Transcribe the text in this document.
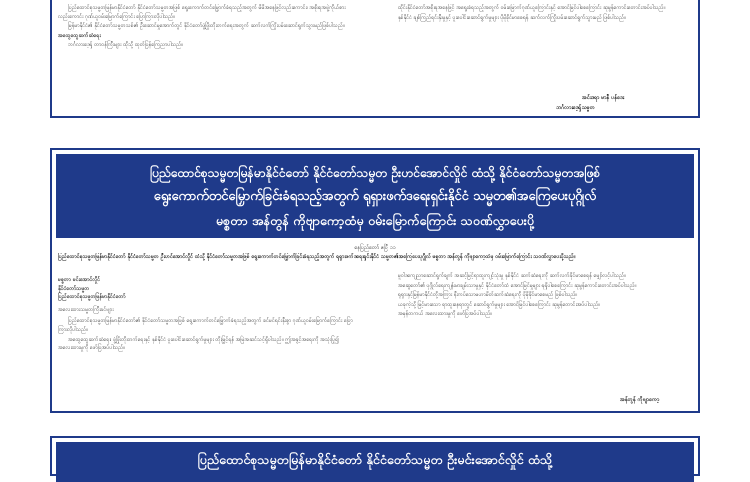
ပြည်ထောင်စုသမ္မတမြန်မာနိုင်ငံတော် နိုင်ငံတော်သမ္မတအဖြစ် ရွေးကောက်တင်မြှောက်ခံရသည့်အတွက် မိမိအနေဖြင့်လည်းကောင်း၊ အစိုးရအဖွဲ့ကိုယ်စားလည်းကောင်း ဂုဏ်ယူဝမ်းမြောက်ကြောင်း ပြောကြားလိုပါသည်။

မြန်မာနိုင်ငံ၏ နိုင်ငံတော်သမ္မတသစ်၏ ဦးဆောင်မှုအောက်တွင် နိုင်ငံတော်ဖွံ့ဖြိုးတိုးတက်ရေးအတွက် ဆက်လက်ကြိုးပမ်းဆောင်ရွက်သွားမည်ဖြစ်ပါသည်။

အထွေထွေဆက်ဆံရေး

ဘင်္ဂလားဒေ့ရှ် တာဝန်ကြီးများ ထိုသို့ ထုတ်ပြန်ကြေညာပါသည်။

ထိုင်းနိုင်ငံတော်အစိုးရအနေဖြင့် အရွေးခံရသည့်အတွက် ဝမ်းမြောက်ဂုဏ်ယူကြောင်းနှင့် အောင်မြင်ပါစေကြောင်း ဆုမွန်ကောင်းတောင်းအပ်ပါသည်။

နှစ်နိုင်ငံ ချစ်ကြည်ရင်းနှီးမှုနှင့် ပူးပေါင်းဆောင်ရွက်မှုများ ပိုမိုခိုင်မာစေရန် ဆက်လက်ကြိုးပမ်းဆောင်ရွက်သွားမည် ဖြစ်ပါသည်။

အင်းဒရာ မာနီ ပန်ဒေး
ဘင်္ဂလားဒေ့ရှ်သမ္မတ
ပြည်ထောင်စုသမ္မတမြန်မာနိုင်ငံတော် နိုင်ငံတော်သမ္မတ ဦးဟင်အောင်လှိုင် ထံသို့ နိုင်ငံတော်သမ္မတအဖြစ်
ရွေးကောက်တင်မြှောက်ခြင်းခံရသည့်အတွက် ရုရှားဖက်ဒရေးရှင်းနိုင်ငံ သမ္မတ၏အကြေပေးပုဂ္ဂိုလ်
မစ္စတာ အန်တွန် ကိုဗျာကော့ထံမှ ဝမ်းမြောက်ကြောင်း သဝဏ်လွှာပေးပို့
နေပြည်တော် ဧပြီ ၁၁
ပြည်ထောင်စုသမ္မတမြန်မာနိုင်ငံတော် နိုင်ငံတော်သမ္မတ ဦးဟင်အောင်လှိုင် ထံသို့ နိုင်ငံတော်သမ္မတအဖြစ် ရွေးကောက်တင်မြှောက်ခြင်းခံရသည့်အတွက် ရုရှားဖက်ဒရေးရှင်းနိုင်ငံ သမ္မတ၏အကြေပေးပုဂ္ဂိုလ် မစ္စတာ အန်တွန် ကိုဗျာကော့ထံမှ ဝမ်းမြောက်ကြောင်း သဝဏ်လွှာပေးပို့သည်။
မစ္စတာ မင်းအောင်လှိုင်
နိုင်ငံတော်သမ္မတ
ပြည်ထောင်စုသမ္မတမြန်မာနိုင်ငံတော်
အလေးထားသမ္မတကြီးခင်ဗျား

ပြည်ထောင်စုသမ္မတမြန်မာနိုင်ငံတော်၏ နိုင်ငံတော်သမ္မတအဖြစ် ရွေးကောက်တင်မြှောက်ခံရသည့်အတွက် ခင်မင်ရင်းနှီးစွာ ဂုဏ်ယူဝမ်းမြောက်ကြောင်း ပြောကြားလိုပါသည်။

အထွေထွေဆက်ဆံရေး၊ ဖွံ့ဖြိုးတိုးတက်ရေးနှင့် နှစ်နိုင်ငံ ပူးပေါင်းဆောင်ရွက်မှုများ တိုးမြှင့်ရန် အမြဲအဆင်သင့်ရှိပါသည်။ ဤအခွင့်အရေးကို အသုံးပြု၍ အလေးထားမှုကို ဖော်ပြအပ်ပါသည်။

မူဝါဒကျေညာဆောင်ရွက်ချက် အဆင့်မြင့်ရာထူးကျင့်သုံးမှု နှစ်နိုင်ငံ ဆက်ဆံရေးကို ဆက်လက်ခိုင်မာစေရန် မျှော်လင့်ပါသည်။

အဆွေတော်၏ ပုဂ္ဂိုလ်ရေးကျန်းမာချမ်းသာမှုနှင့် နိုင်ငံတော်ထံ အောင်မြင်မှုများ ရရှိပါစေကြောင်း ဆုမွန်ကောင်းတောင်းအပ်ပါသည်။

ရုရှားနှင့်မြန်မာနိုင်ငံတို့အကြား နီးကပ်သောမဟာမိတ်ဆက်ဆံရေးကို ပိုမိုခိုင်မာစေမည် ဖြစ်ပါသည်။

ယခုကဲ့သို့ မြင့်မားသော ရာထူးနေရာတွင် ဆောင်ရွက်မှုများ အောင်မြင်ပါစေကြောင်း ဆုမွန်တောင်းအပ်ပါသည်။

အမှန်တကယ် အလေးထားမှုကို ဖော်ပြအပ်ပါသည်။

အန်တွန် ကိုဗျာကော့
ပြည်ထောင်စုသမ္မတမြန်မာနိုင်ငံတော် နိုင်ငံတော်သမ္မတ ဦးမင်းအောင်လှိုင် ထံသို့
